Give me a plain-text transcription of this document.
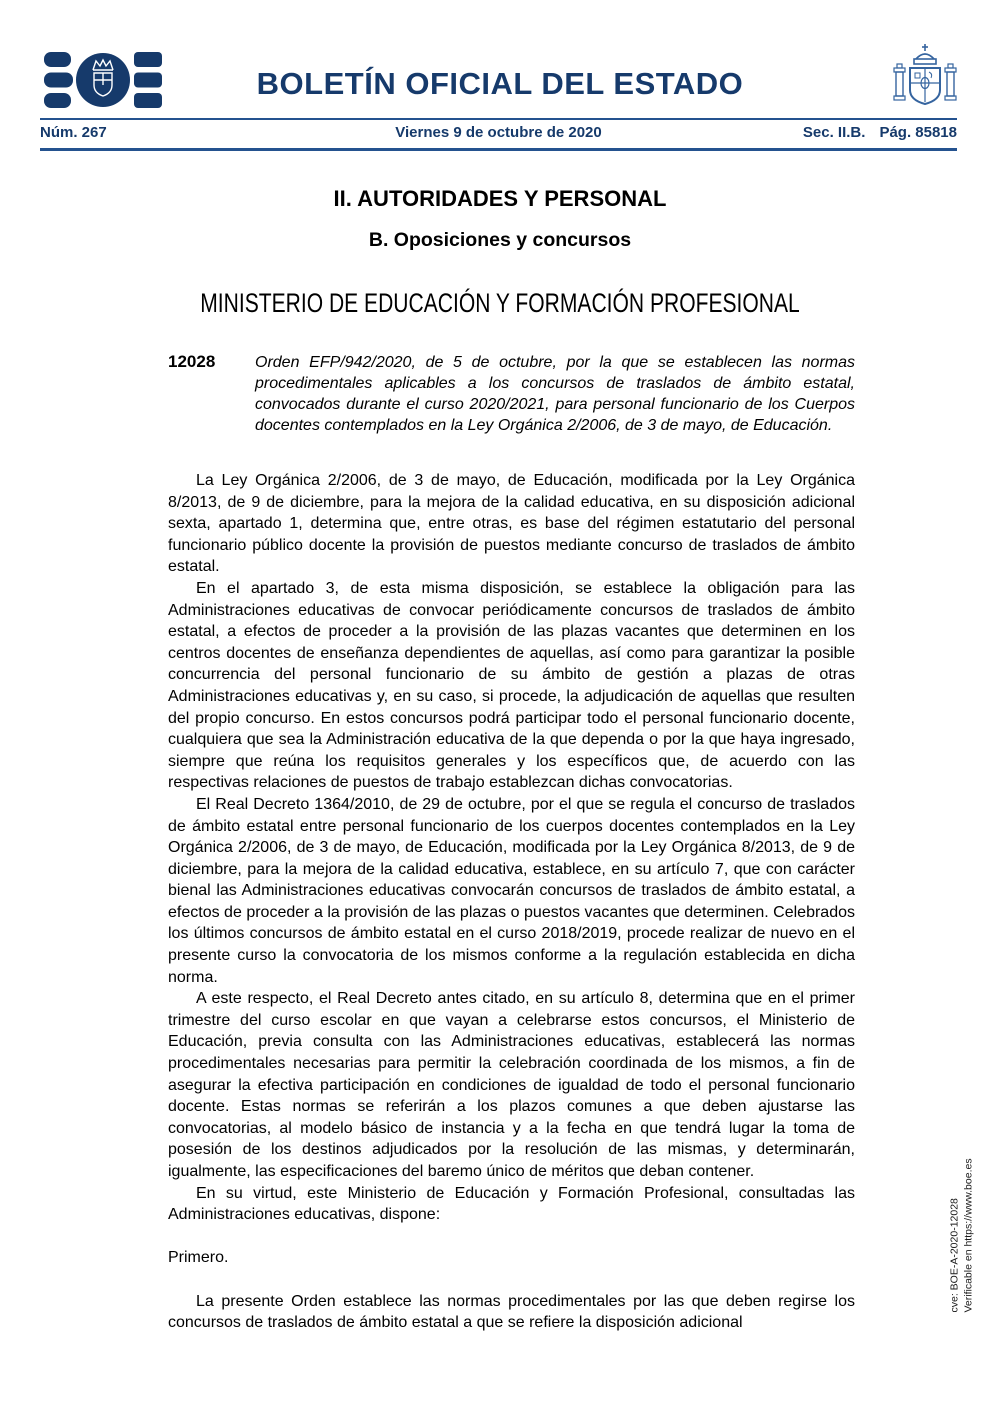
BOLETÍN OFICIAL DEL ESTADO
Núm. 267	Viernes 9 de octubre de 2020	Sec. II.B. Pág. 85818
II. AUTORIDADES Y PERSONAL
B. Oposiciones y concursos
MINISTERIO DE EDUCACIÓN Y FORMACIÓN PROFESIONAL
12028	Orden EFP/942/2020, de 5 de octubre, por la que se establecen las normas procedimentales aplicables a los concursos de traslados de ámbito estatal, convocados durante el curso 2020/2021, para personal funcionario de los Cuerpos docentes contemplados en la Ley Orgánica 2/2006, de 3 de mayo, de Educación.

La Ley Orgánica 2/2006, de 3 de mayo, de Educación, modificada por la Ley Orgánica 8/2013, de 9 de diciembre, para la mejora de la calidad educativa, en su disposición adicional sexta, apartado 1, determina que, entre otras, es base del régimen estatutario del personal funcionario público docente la provisión de puestos mediante concurso de traslados de ámbito estatal.

En el apartado 3, de esta misma disposición, se establece la obligación para las Administraciones educativas de convocar periódicamente concursos de traslados de ámbito estatal, a efectos de proceder a la provisión de las plazas vacantes que determinen en los centros docentes de enseñanza dependientes de aquellas, así como para garantizar la posible concurrencia del personal funcionario de su ámbito de gestión a plazas de otras Administraciones educativas y, en su caso, si procede, la adjudicación de aquellas que resulten del propio concurso. En estos concursos podrá participar todo el personal funcionario docente, cualquiera que sea la Administración educativa de la que dependa o por la que haya ingresado, siempre que reúna los requisitos generales y los específicos que, de acuerdo con las respectivas relaciones de puestos de trabajo establezcan dichas convocatorias.

El Real Decreto 1364/2010, de 29 de octubre, por el que se regula el concurso de traslados de ámbito estatal entre personal funcionario de los cuerpos docentes contemplados en la Ley Orgánica 2/2006, de 3 de mayo, de Educación, modificada por la Ley Orgánica 8/2013, de 9 de diciembre, para la mejora de la calidad educativa, establece, en su artículo 7, que con carácter bienal las Administraciones educativas convocarán concursos de traslados de ámbito estatal, a efectos de proceder a la provisión de las plazas o puestos vacantes que determinen. Celebrados los últimos concursos de ámbito estatal en el curso 2018/2019, procede realizar de nuevo en el presente curso la convocatoria de los mismos conforme a la regulación establecida en dicha norma.

A este respecto, el Real Decreto antes citado, en su artículo 8, determina que en el primer trimestre del curso escolar en que vayan a celebrarse estos concursos, el Ministerio de Educación, previa consulta con las Administraciones educativas, establecerá las normas procedimentales necesarias para permitir la celebración coordinada de los mismos, a fin de asegurar la efectiva participación en condiciones de igualdad de todo el personal funcionario docente. Estas normas se referirán a los plazos comunes a que deben ajustarse las convocatorias, al modelo básico de instancia y a la fecha en que tendrá lugar la toma de posesión de los destinos adjudicados por la resolución de las mismas, y determinarán, igualmente, las especificaciones del baremo único de méritos que deban contener.

En su virtud, este Ministerio de Educación y Formación Profesional, consultadas las Administraciones educativas, dispone:

Primero.

La presente Orden establece las normas procedimentales por las que deben regirse los concursos de traslados de ámbito estatal a que se refiere la disposición adicional

cve: BOE-A-2020-12028 Verificable en https://www.boe.es
